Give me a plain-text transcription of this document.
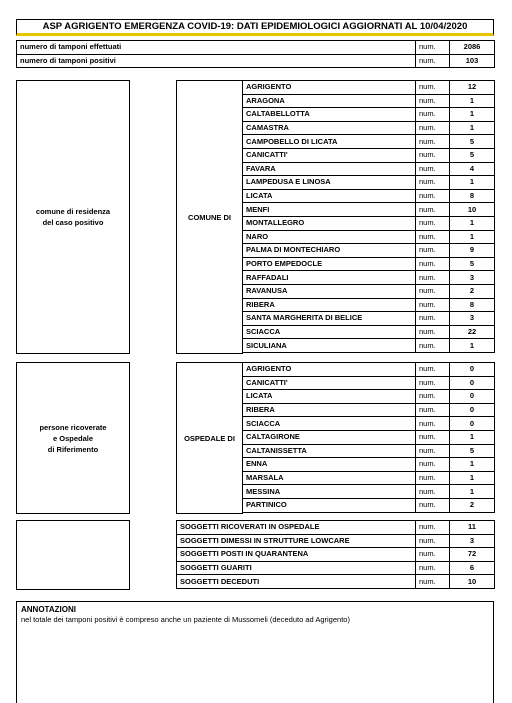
ASP AGRIGENTO EMERGENZA COVID-19: DATI EPIDEMIOLOGICI AGGIORNATI AL 10/04/2020
numero di tamponi effettuati	num.	2086
numero di tamponi positivi	num.	103
comune di residenza
del caso positivo
COMUNE DI
AGRIGENTO	num.	12
ARAGONA	num.	1
CALTABELLOTTA	num.	1
CAMASTRA	num.	1
CAMPOBELLO DI LICATA	num.	5
CANICATTI'	num.	5
FAVARA	num.	4
LAMPEDUSA E LINOSA	num.	1
LICATA	num.	8
MENFI	num.	10
MONTALLEGRO	num.	1
NARO	num.	1
PALMA DI MONTECHIARO	num.	9
PORTO EMPEDOCLE	num.	5
RAFFADALI	num.	3
RAVANUSA	num.	2
RIBERA	num.	8
SANTA MARGHERITA DI BELICE	num.	3
SCIACCA	num.	22
SICULIANA	num.	1
persone ricoverate
e Ospedale
di Riferimento
OSPEDALE DI
AGRIGENTO	num.	0
CANICATTI'	num.	0
LICATA	num.	0
RIBERA	num.	0
SCIACCA	num.	0
CALTAGIRONE	num.	1
CALTANISSETTA	num.	5
ENNA	num.	1
MARSALA	num.	1
MESSINA	num.	1
PARTINICO	num.	2
SOGGETTI RICOVERATI IN OSPEDALE	num.	11
SOGGETTI DIMESSI IN STRUTTURE LOWCARE	num.	3
SOGGETTI POSTI IN QUARANTENA	num.	72
SOGGETTI GUARITI	num.	6
SOGGETTI DECEDUTI	num.	10
ANNOTAZIONI
nel totale dei tamponi positivi è compreso anche un paziente di Mussomeli (deceduto ad Agrigento)
